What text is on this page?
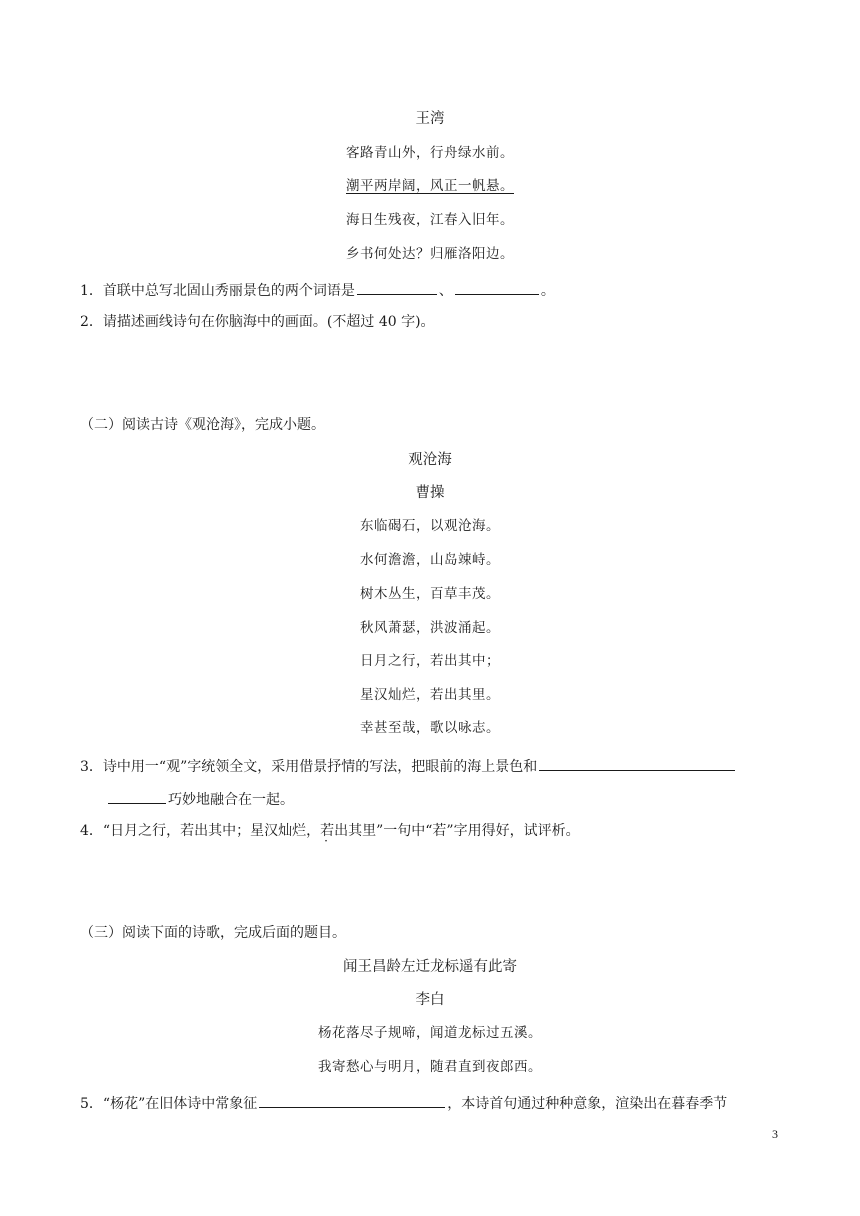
王湾
客路青山外，行舟绿水前。
潮平两岸阔，风正一帆悬。
海日生残夜，江春入旧年。
乡书何处达？归雁洛阳边。
1．首联中总写北固山秀丽景色的两个词语是	、	。
2．请描述画线诗句在你脑海中的画面。(不超过 40 字)。
（二）阅读古诗《观沧海》，完成小题。
观沧海
曹操
东临碣石，以观沧海。
水何澹澹，山岛竦峙。
树木丛生，百草丰茂。
秋风萧瑟，洪波涌起。
日月之行，若出其中；
星汉灿烂，若出其里。
幸甚至哉，歌以咏志。
3．诗中用一“观”字统领全文，采用借景抒情的写法，把眼前的海上景色和
巧妙地融合在一起。
4．“日月之行，若出其中；星汉灿烂，若出其里”一句中“若”字用得好，试评析。
（三）阅读下面的诗歌，完成后面的题目。
闻王昌龄左迁龙标遥有此寄
李白
杨花落尽子规啼，闻道龙标过五溪。
我寄愁心与明月，随君直到夜郎西。
5．“杨花”在旧体诗中常象征	，本诗首句通过种种意象，渲染出在暮春季节
3
